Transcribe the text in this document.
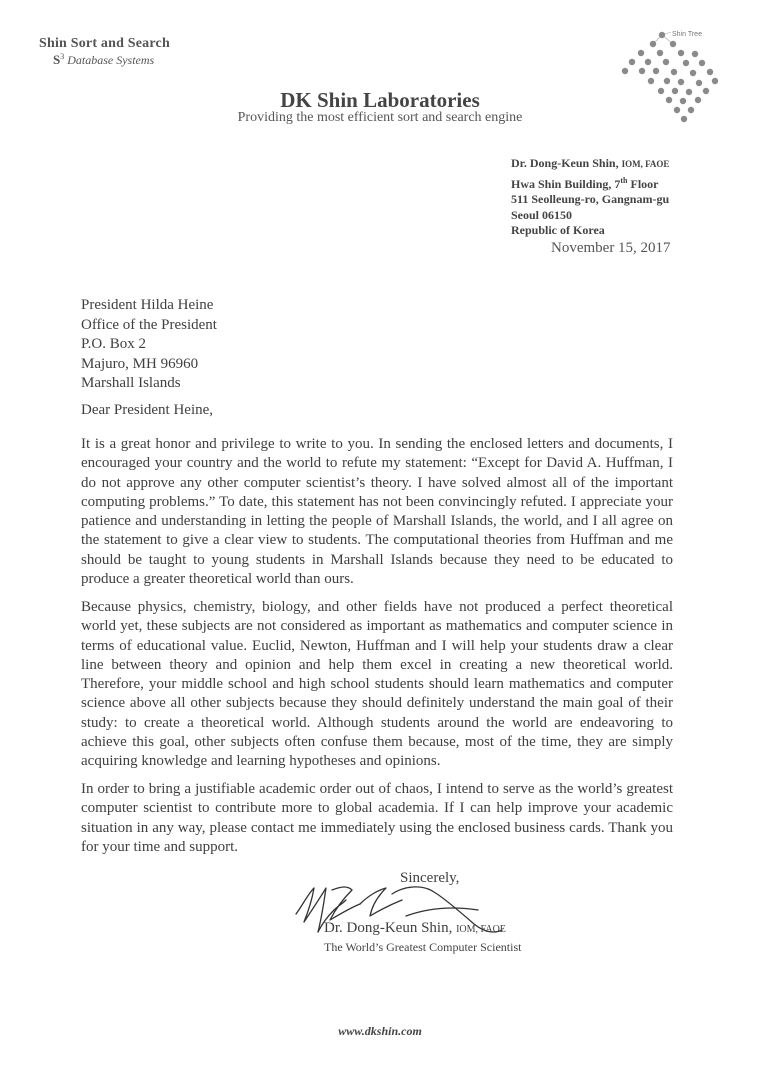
Shin Sort and Search
$S^3$ Database Systems
DK Shin Laboratories
Providing the most efficient sort and search engine
Shin Tree
Dr. Dong-Keun Shin, IOM, FAOE
Hwa Shin Building, 7th Floor
511 Seolleung-ro, Gangnam-gu
Seoul 06150
Republic of Korea
November 15, 2017
President Hilda Heine
Office of the President
P.O. Box 2
Majuro, MH 96960
Marshall Islands
Dear President Heine,
It is a great honor and privilege to write to you. In sending the enclosed letters and documents, I encouraged your country and the world to refute my statement: “Except for David A. Huffman, I do not approve any other computer scientist’s theory. I have solved almost all of the important computing problems.” To date, this statement has not been convincingly refuted. I appreciate your patience and understanding in letting the people of Marshall Islands, the world, and I all agree on the statement to give a clear view to students. The computational theories from Huffman and me should be taught to young students in Marshall Islands because they need to be educated to produce a greater theoretical world than ours.
Because physics, chemistry, biology, and other fields have not produced a perfect theoretical world yet, these subjects are not considered as important as mathematics and computer science in terms of educational value. Euclid, Newton, Huffman and I will help your students draw a clear line between theory and opinion and help them excel in creating a new theoretical world. Therefore, your middle school and high school students should learn mathematics and computer science above all other subjects because they should definitely understand the main goal of their study: to create a theoretical world. Although students around the world are endeavoring to achieve this goal, other subjects often confuse them because, most of the time, they are simply acquiring knowledge and learning hypotheses and opinions.
In order to bring a justifiable academic order out of chaos, I intend to serve as the world’s greatest computer scientist to contribute more to global academia. If I can help improve your academic situation in any way, please contact me immediately using the enclosed business cards. Thank you for your time and support.
Sincerely,
Dr. Dong-Keun Shin, IOM, FAOE
The World’s Greatest Computer Scientist
www.dkshin.com
